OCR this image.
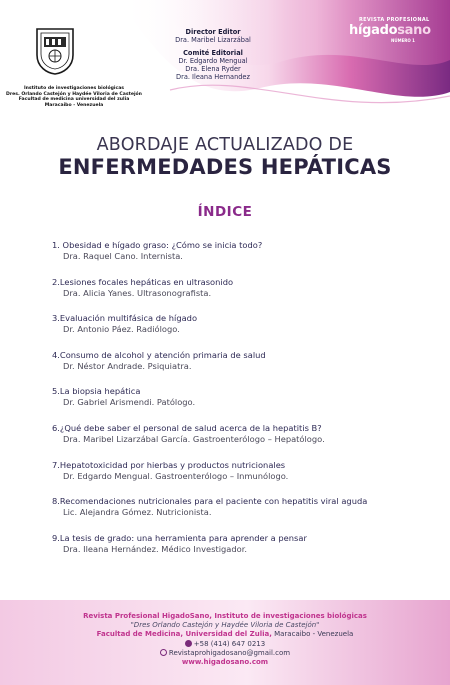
Instituto de investigaciones biológicas
Dres. Orlando Castejón y Haydée Viloria de Castejón
Facultad de medicina universidad del zulia
Maracaibo - Venezuela
Director Editor
Dra. Maribel Lizarzábal
Comité Editorial
Dr. Edgardo Mengual
Dra. Elena Ryder
Dra. Ileana Hernandez
REVISTA PROFESIONAL
hígadosano
NÚMERO 1
ABORDAJE ACTUALIZADO DE
ENFERMEDADES HEPÁTICAS
ÍNDICE
1. Obesidad e hígado graso: ¿Cómo se inicia todo?
Dra. Raquel Cano. Internista.
2.Lesiones focales hepáticas en ultrasonido
Dra. Alicia Yanes. Ultrasonografista.
3.Evaluación multifásica de hígado
Dr. Antonio Páez. Radiólogo.
4.Consumo de alcohol y atención primaria de salud
Dr. Néstor Andrade. Psiquiatra.
5.La biopsia hepática
Dr. Gabriel Arismendi. Patólogo.
6.¿Qué debe saber el personal de salud acerca de la hepatitis B?
Dra. Maribel Lizarzábal García. Gastroenterólogo – Hepatólogo.
7.Hepatotoxicidad por hierbas y productos nutricionales
Dr. Edgardo Mengual. Gastroenterólogo – Inmunólogo.
8.Recomendaciones nutricionales para el paciente con hepatitis viral aguda
Lic. Alejandra Gómez. Nutricionista.
9.La tesis de grado: una herramienta para aprender a pensar
Dra. Ileana Hernández. Médico Investigador.
Revista Profesional HigadoSano, Instituto de investigaciones biológicas
"Dres Orlando Castejón y Haydée Viloria de Castejón"
Facultad de Medicina, Universidad del Zulia, Maracaibo - Venezuela
+58 (414) 647 0213
Revistaprohigadosano@gmail.com
www.higadosano.com
